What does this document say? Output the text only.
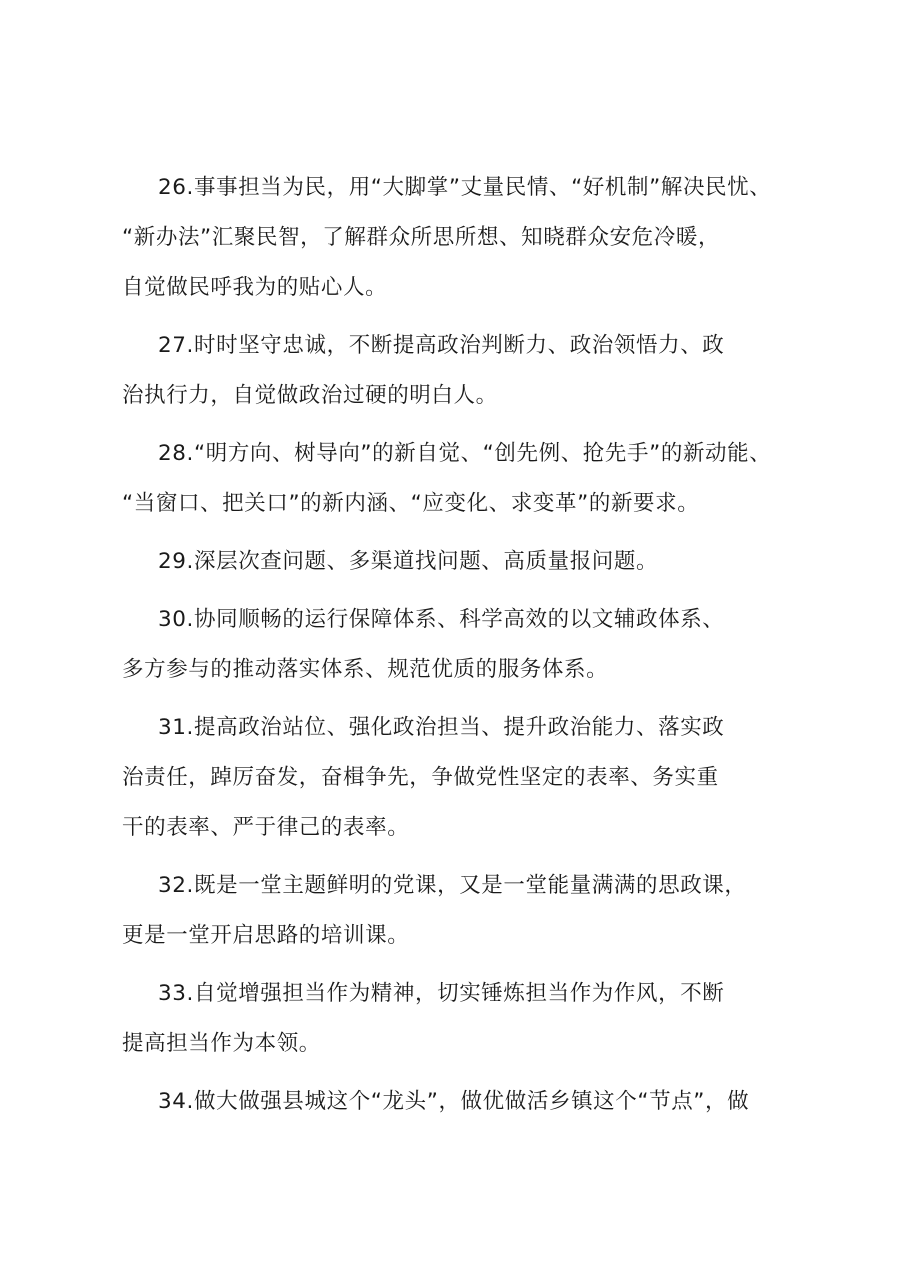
26.事事担当为民，用“大脚掌”丈量民情、“好机制”解决民忧、
“新办法”汇聚民智，了解群众所思所想、知晓群众安危冷暖，
自觉做民呼我为的贴心人。

27.时时坚守忠诚，不断提高政治判断力、政治领悟力、政
治执行力，自觉做政治过硬的明白人。

28.“明方向、树导向”的新自觉、“创先例、抢先手”的新动能、
“当窗口、把关口”的新内涵、“应变化、求变革”的新要求。

29.深层次查问题、多渠道找问题、高质量报问题。

30.协同顺畅的运行保障体系、科学高效的以文辅政体系、
多方参与的推动落实体系、规范优质的服务体系。

31.提高政治站位、强化政治担当、提升政治能力、落实政
治责任，踔厉奋发，奋楫争先，争做党性坚定的表率、务实重
干的表率、严于律己的表率。

32.既是一堂主题鲜明的党课，又是一堂能量满满的思政课，
更是一堂开启思路的培训课。

33.自觉增强担当作为精神，切实锤炼担当作为作风，不断
提高担当作为本领。

34.做大做强县城这个“龙头”，做优做活乡镇这个“节点”，做
